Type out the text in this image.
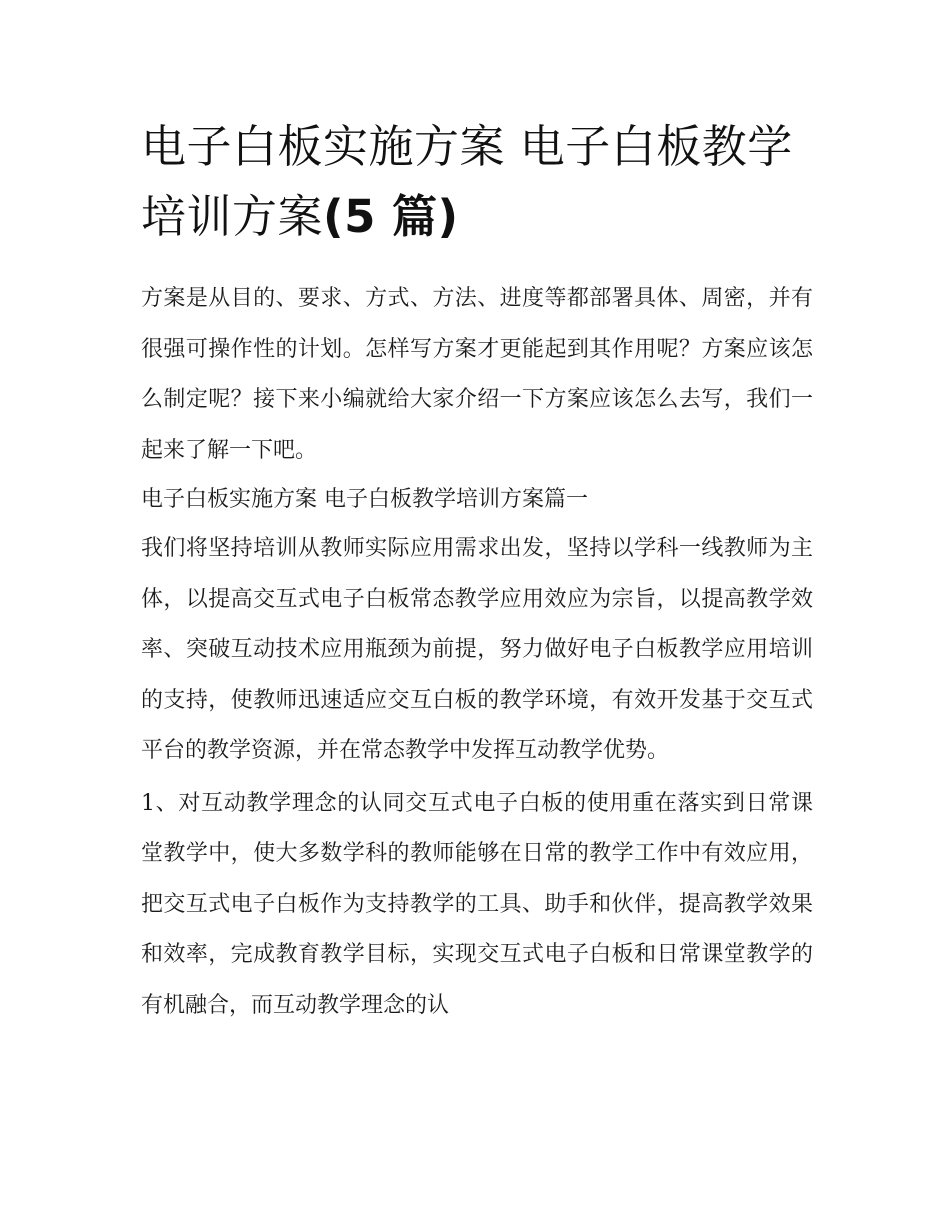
电子白板实施方案 电子白板教学培训方案(5 篇)

方案是从目的、要求、方式、方法、进度等都部署具体、周密，并有很强可操作性的计划。怎样写方案才更能起到其作用呢？方案应该怎么制定呢？接下来小编就给大家介绍一下方案应该怎么去写，我们一起来了解一下吧。

电子白板实施方案 电子白板教学培训方案篇一

我们将坚持培训从教师实际应用需求出发，坚持以学科一线教师为主体，以提高交互式电子白板常态教学应用效应为宗旨，以提高教学效率、突破互动技术应用瓶颈为前提，努力做好电子白板教学应用培训的支持，使教师迅速适应交互白板的教学环境，有效开发基于交互式平台的教学资源，并在常态教学中发挥互动教学优势。

1、对互动教学理念的认同交互式电子白板的使用重在落实到日常课堂教学中，使大多数学科的教师能够在日常的教学工作中有效应用，把交互式电子白板作为支持教学的工具、助手和伙伴，提高教学效果和效率，完成教育教学目标，实现交互式电子白板和日常课堂教学的有机融合，而互动教学理念的认
